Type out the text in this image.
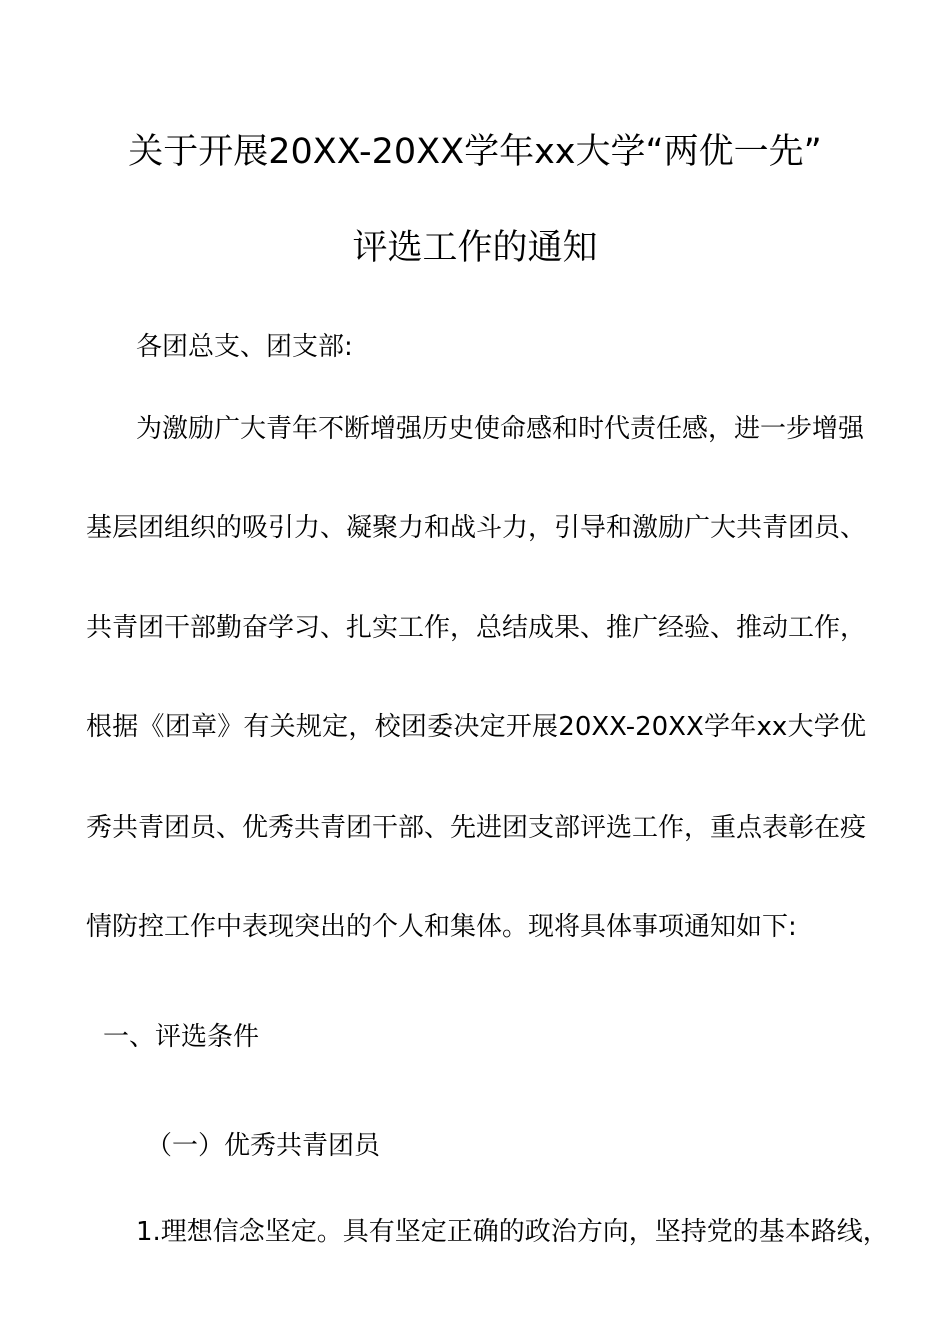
关于开展20XX-20XX学年xx大学“两优一先”
评选工作的通知
各团总支、团支部:
为激励广大青年不断增强历史使命感和时代责任感，进一步增强
基层团组织的吸引力、凝聚力和战斗力，引导和激励广大共青团员、
共青团干部勤奋学习、扎实工作，总结成果、推广经验、推动工作，
根据《团章》有关规定，校团委决定开展20XX-20XX学年xx大学优
秀共青团员、优秀共青团干部、先进团支部评选工作，重点表彰在疫
情防控工作中表现突出的个人和集体。现将具体事项通知如下:
一、评选条件
（一）优秀共青团员
1.理想信念坚定。具有坚定正确的政治方向，坚持党的基本路线，
